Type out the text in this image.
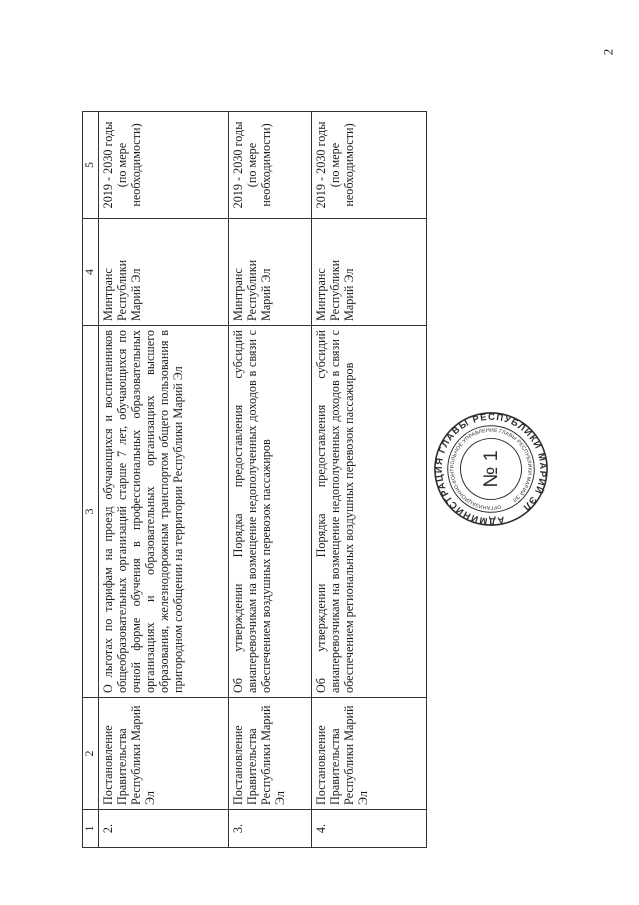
2
1	2	3	4	5
2.	Постановление Правительства Республики Марий Эл	О льготах по тарифам на проезд обучающихся и воспитанников общеобразовательных организаций старше 7 лет, обучающихся по очной форме обучения в профессиональных образовательных организациях и образовательных организациях высшего образования, железнодорожным транспортом общего пользования в пригородном сообщении на территории Республики Марий Эл	Минтранс Республики Марий Эл	2019 - 2030 годы (по мере необходимости)
3.	Постановление Правительства Республики Марий Эл	Об утверждении Порядка предоставления субсидий авиаперевозчикам на возмещение недополученных доходов в связи с обеспечением воздушных перевозок пассажиров	Минтранс Республики Марий Эл	2019 - 2030 годы (по мере необходимости)
4.	Постановление Правительства Республики Марий Эл	Об утверждении Порядка предоставления субсидий авиаперевозчикам на возмещение недополученных доходов в связи с обеспечением региональных воздушных перевозок пассажиров	Минтранс Республики Марий Эл	2019 - 2030 годы (по мере необходимости)
АДМИНИСТРАЦИЯ ГЛАВЫ РЕСПУБЛИКИ МАРИЙ ЭЛ
ОРГАНИЗАЦИОННО-КОНТРОЛЬНОЕ УПРАВЛЕНИЕ ГЛАВЫ РЕСПУБЛИКИ МАРИЙ ЭЛ
№ 1
